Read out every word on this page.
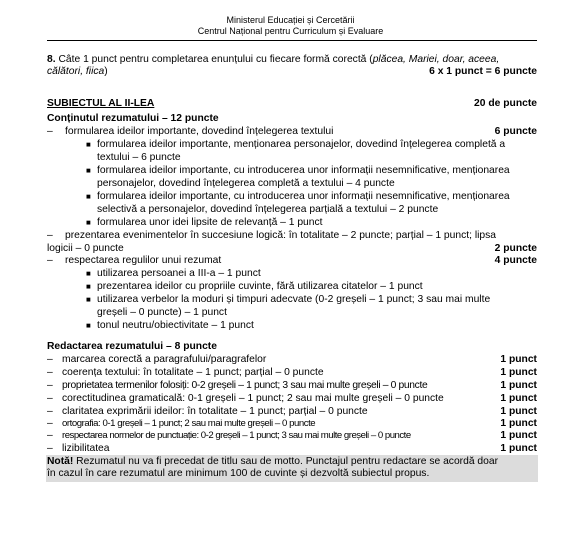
Ministerul Educației și Cercetării
Centrul Național pentru Curriculum și Evaluare
8. Câte 1 punct pentru completarea enunțului cu fiecare formă corectă (plăcea, Mariei, doar, aceea,
călători, fiica)	6 x 1 punct = 6 puncte
SUBIECTUL AL II-LEA	20 de puncte
Conținutul rezumatului – 12 puncte
– formularea ideilor importante, dovedind înțelegerea textului	6 puncte
■ formularea ideilor importante, menționarea personajelor, dovedind înțelegerea completă a
textului – 6 puncte
■ formularea ideilor importante, cu introducerea unor informații nesemnificative, menționarea
personajelor, dovedind înțelegerea completă a textului – 4 puncte
■ formularea ideilor importante, cu introducerea unor informații nesemnificative, menționarea
selectivă a personajelor, dovedind înțelegerea parțială a textului – 2 puncte
■ formularea unor idei lipsite de relevanță – 1 punct
– prezentarea evenimentelor în succesiune logică: în totalitate – 2 puncte; parțial – 1 punct; lipsa
logicii – 0 puncte	2 puncte
– respectarea regulilor unui rezumat	4 puncte
■ utilizarea persoanei a III-a – 1 punct
■ prezentarea ideilor cu propriile cuvinte, fără utilizarea citatelor – 1 punct
■ utilizarea verbelor la moduri și timpuri adecvate (0-2 greșeli – 1 punct; 3 sau mai multe
greșeli – 0 puncte) – 1 punct
■ tonul neutru/obiectivitate – 1 punct
Redactarea rezumatului – 8 puncte
– marcarea corectă a paragrafului/paragrafelor	1 punct
– coerența textului: în totalitate – 1 punct; parțial – 0 puncte	1 punct
– proprietatea termenilor folosiți: 0-2 greșeli – 1 punct; 3 sau mai multe greșeli – 0 puncte	1 punct
– corectitudinea gramaticală: 0-1 greșeli – 1 punct; 2 sau mai multe greșeli – 0 puncte	1 punct
– claritatea exprimării ideilor: în totalitate – 1 punct; parțial – 0 puncte	1 punct
– ortografia: 0-1 greșeli – 1 punct; 2 sau mai multe greșeli – 0 puncte	1 punct
– respectarea normelor de punctuație: 0-2 greșeli – 1 punct; 3 sau mai multe greșeli – 0 puncte	1 punct
– lizibilitatea	1 punct
Notă! Rezumatul nu va fi precedat de titlu sau de motto. Punctajul pentru redactare se acordă doar
în cazul în care rezumatul are minimum 100 de cuvinte și dezvoltă subiectul propus.
